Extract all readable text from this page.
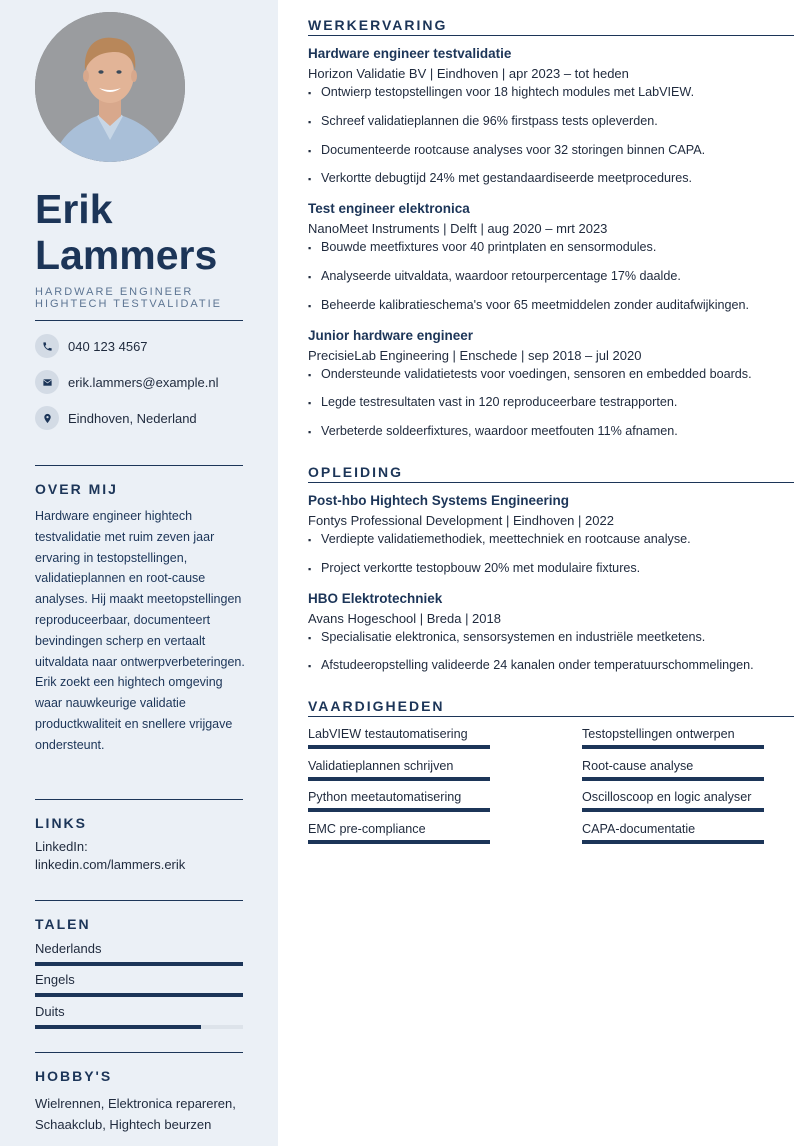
Erik
Lammers
HARDWARE ENGINEER
HIGHTECH TESTVALIDATIE
040 123 4567
erik.lammers@example.nl
Eindhoven, Nederland
OVER MIJ
Hardware engineer hightech testvalidatie met ruim zeven jaar ervaring in testopstellingen, validatieplannen en root-cause analyses. Hij maakt meetopstellingen reproduceerbaar, documenteert bevindingen scherp en vertaalt uitvaldata naar ontwerpverbeteringen. Erik zoekt een hightech omgeving waar nauwkeurige validatie productkwaliteit en snellere vrijgave ondersteunt.
LINKS
LinkedIn:
linkedin.com/lammers.erik
TALEN
Nederlands
Engels
Duits
HOBBY'S
Wielrennen, Elektronica repareren,
Schaakclub, Hightech beurzen
WERKERVARING
Hardware engineer testvalidatie
Horizon Validatie BV | Eindhoven | apr 2023 – tot heden
▪ Ontwierp testopstellingen voor 18 hightech modules met LabVIEW.
▪ Schreef validatieplannen die 96% firstpass tests opleverden.
▪ Documenteerde rootcause analyses voor 32 storingen binnen CAPA.
▪ Verkortte debugtijd 24% met gestandaardiseerde meetprocedures.
Test engineer elektronica
NanoMeet Instruments | Delft | aug 2020 – mrt 2023
▪ Bouwde meetfixtures voor 40 printplaten en sensormodules.
▪ Analyseerde uitvaldata, waardoor retourpercentage 17% daalde.
▪ Beheerde kalibratieschema's voor 65 meetmiddelen zonder auditafwijkingen.
Junior hardware engineer
PrecisieLab Engineering | Enschede | sep 2018 – jul 2020
▪ Ondersteunde validatietests voor voedingen, sensoren en embedded boards.
▪ Legde testresultaten vast in 120 reproduceerbare testrapporten.
▪ Verbeterde soldeerfixtures, waardoor meetfouten 11% afnamen.
OPLEIDING
Post-hbo Hightech Systems Engineering
Fontys Professional Development | Eindhoven | 2022
▪ Verdiepte validatiemethodiek, meettechniek en rootcause analyse.
▪ Project verkortte testopbouw 20% met modulaire fixtures.
HBO Elektrotechniek
Avans Hogeschool | Breda | 2018
▪ Specialisatie elektronica, sensorsystemen en industriële meetketens.
▪ Afstudeeropstelling valideerde 24 kanalen onder temperatuurschommelingen.
VAARDIGHEDEN
LabVIEW testautomatisering	Testopstellingen ontwerpen
Validatieplannen schrijven	Root-cause analyse
Python meetautomatisering	Oscilloscoop en logic analyser
EMC pre-compliance	CAPA-documentatie
